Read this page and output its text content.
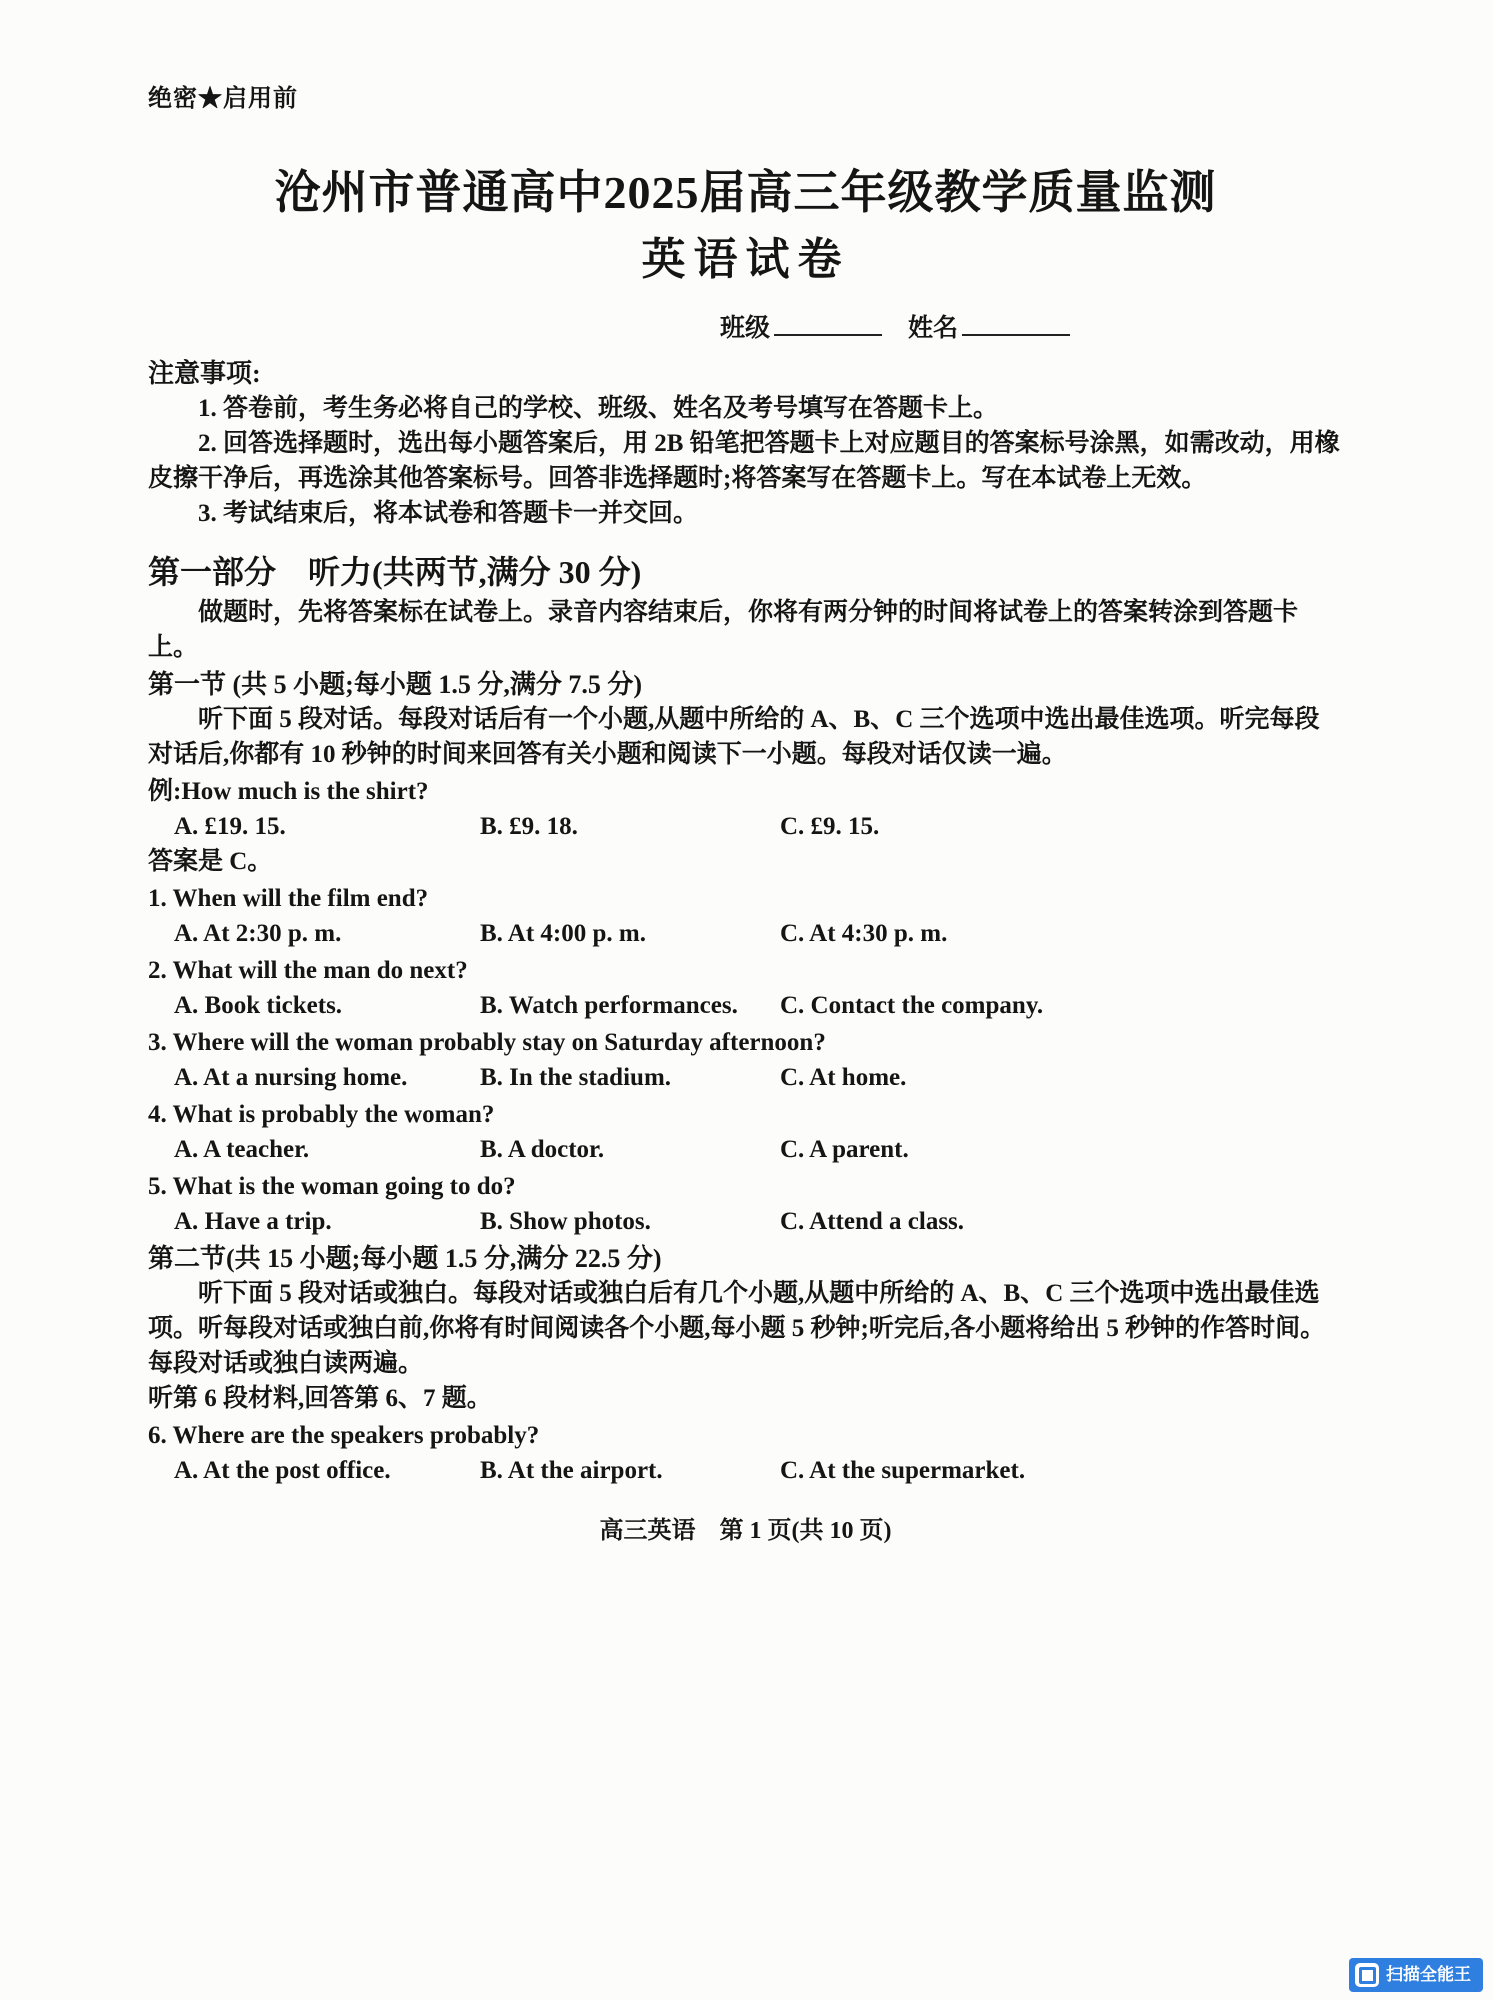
绝密★启用前
沧州市普通高中2025届高三年级教学质量监测
英语试卷
班级	姓名
注意事项:

1. 答卷前，考生务必将自己的学校、班级、姓名及考号填写在答题卡上。

2. 回答选择题时，选出每小题答案后，用 2B 铅笔把答题卡上对应题目的答案标号涂黑，如需改动，用橡皮擦干净后，再选涂其他答案标号。回答非选择题时;将答案写在答题卡上。写在本试卷上无效。

3. 考试结束后，将本试卷和答题卡一并交回。

第一部分　听力(共两节,满分 30 分)

做题时，先将答案标在试卷上。录音内容结束后，你将有两分钟的时间将试卷上的答案转涂到答题卡上。

第一节 (共 5 小题;每小题 1.5 分,满分 7.5 分)

听下面 5 段对话。每段对话后有一个小题,从题中所给的 A、B、C 三个选项中选出最佳选项。听完每段对话后,你都有 10 秒钟的时间来回答有关小题和阅读下一小题。每段对话仅读一遍。

例:How much is the shirt?

A. £19. 15.	B. £9. 18.	C. £9. 15.

答案是 C。

1. When will the film end?

A. At 2:30 p. m.	B. At 4:00 p. m.	C. At 4:30 p. m.

2. What will the man do next?

A. Book tickets.	B. Watch performances.	C. Contact the company.

3. Where will the woman probably stay on Saturday afternoon?

A. At a nursing home.	B. In the stadium.	C. At home.

4. What is probably the woman?

A. A teacher.	B. A doctor.	C. A parent.

5. What is the woman going to do?

A. Have a trip.	B. Show photos.	C. Attend a class.
第二节(共 15 小题;每小题 1.5 分,满分 22.5 分)

听下面 5 段对话或独白。每段对话或独白后有几个小题,从题中所给的 A、B、C 三个选项中选出最佳选项。听每段对话或独白前,你将有时间阅读各个小题,每小题 5 秒钟;听完后,各小题将给出 5 秒钟的作答时间。每段对话或独白读两遍。

听第 6 段材料,回答第 6、7 题。

6. Where are the speakers probably?

A. At the post office.	B. At the airport.	C. At the supermarket.
高三英语　第 1 页(共 10 页)
扫描全能王
